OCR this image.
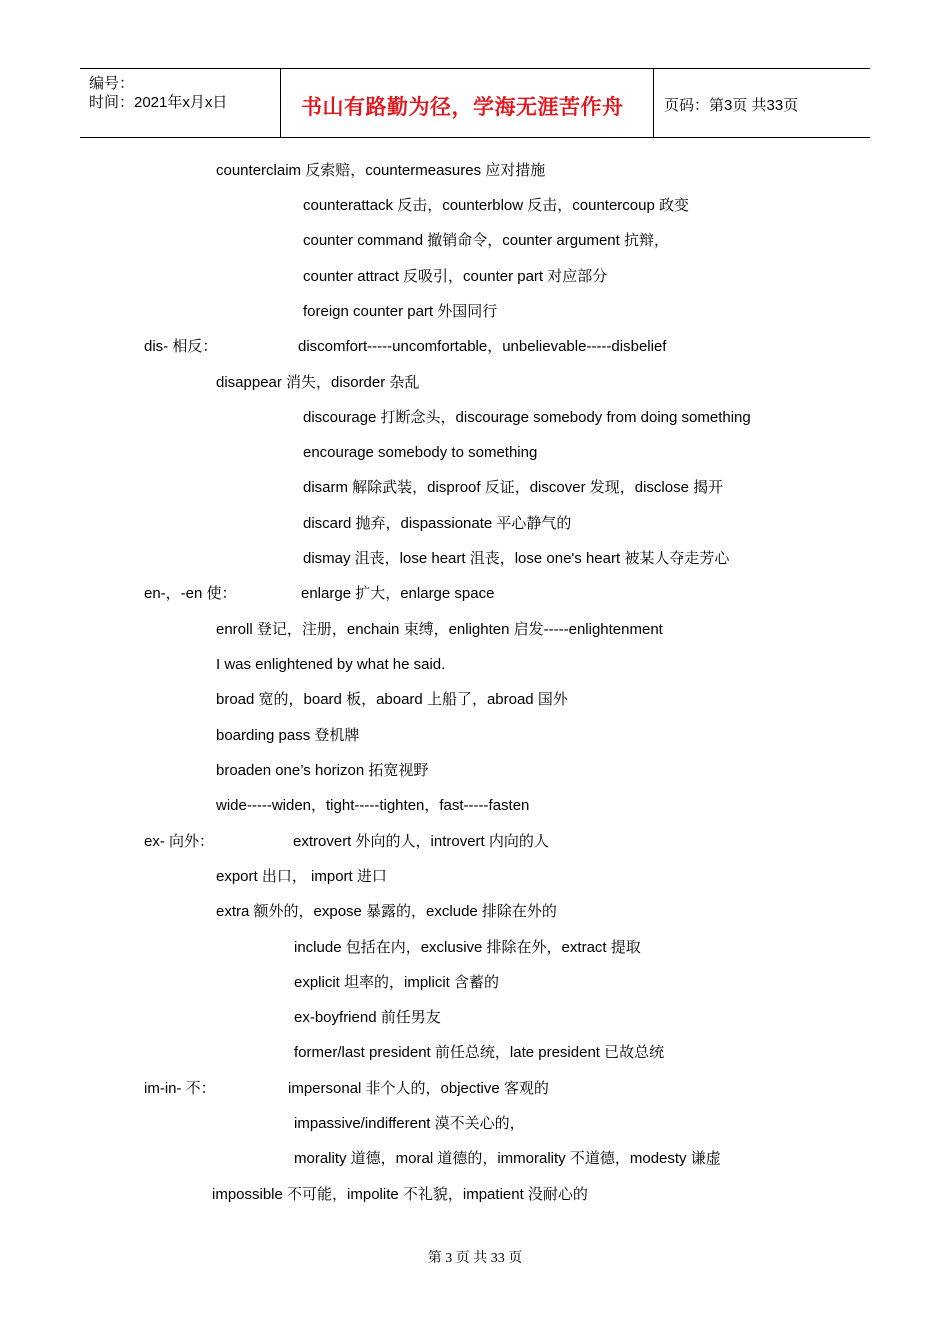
编号：
时间：2021年x月x日	书山有路勤为径，学海无涯苦作舟	页码：第3页 共33页
counterclaim 反索赔，countermeasures 应对措施
counterattack 反击，counterblow 反击，countercoup 政变
counter command 撤销命令，counter argument 抗辩，
counter attract 反吸引，counter part 对应部分
foreign counter part 外国同行
dis- 相反：	discomfort-----uncomfortable，unbelievable-----disbelief
disappear 消失，disorder 杂乱
discourage 打断念头，discourage somebody from doing something
encourage somebody to something
disarm 解除武装，disproof 反证，discover 发现，disclose 揭开
discard 抛弃，dispassionate 平心静气的
dismay 沮丧，lose heart 沮丧，lose one's heart 被某人夺走芳心
en-，-en 使：	enlarge 扩大，enlarge space
enroll 登记，注册，enchain 束缚，enlighten 启发-----enlightenment
I was enlightened by what he said.
broad 宽的，board 板，aboard 上船了，abroad 国外
boarding pass 登机牌
broaden one’s horizon 拓宽视野
wide-----widen，tight-----tighten，fast-----fasten
ex- 向外：	extrovert 外向的人，introvert 内向的人
export 出口， import 进口
extra 额外的，expose 暴露的，exclude 排除在外的
include 包括在内，exclusive 排除在外，extract 提取
explicit 坦率的，implicit 含蓄的
ex-boyfriend 前任男友
former/last president 前任总统，late president 已故总统
im-in- 不：	impersonal 非个人的，objective 客观的
impassive/indifferent 漠不关心的，
morality 道德，moral 道德的，immorality 不道德，modesty 谦虚
impossible 不可能，impolite 不礼貌，impatient 没耐心的
第 3 页 共 33 页
